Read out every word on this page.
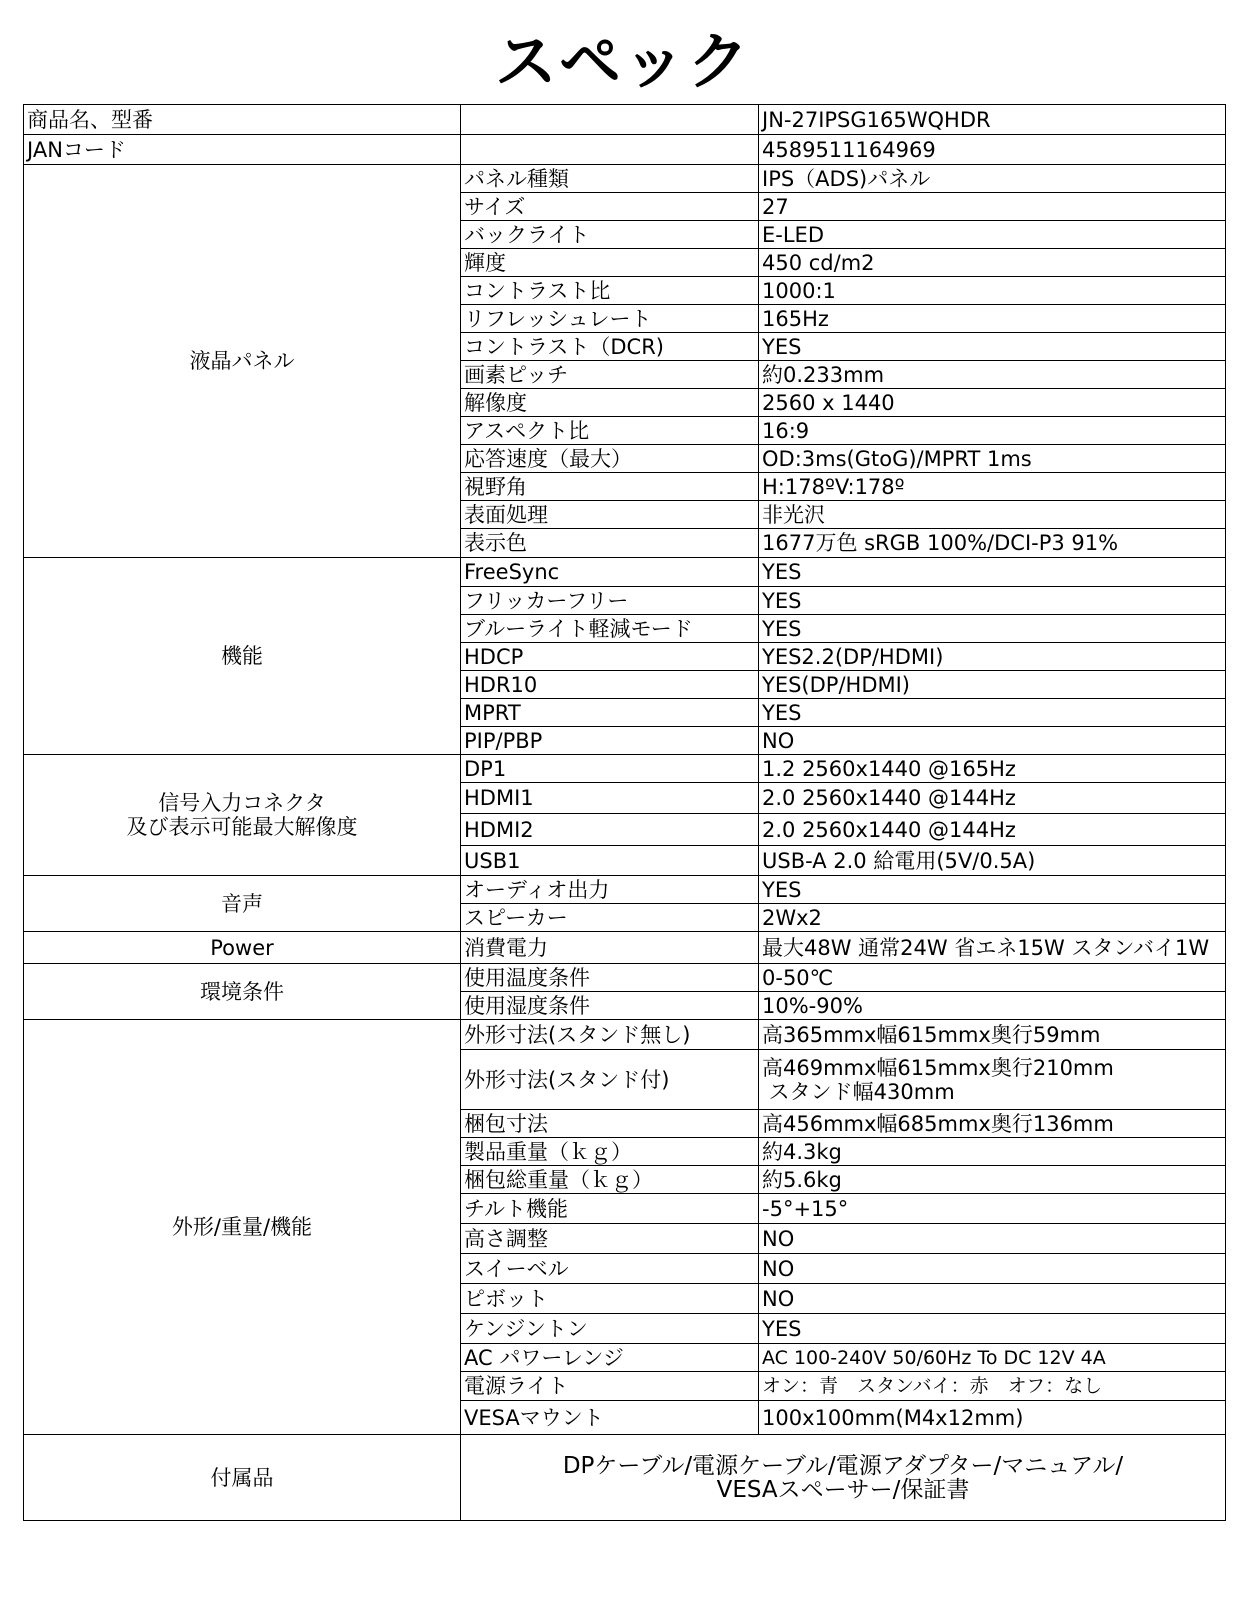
スペック
商品名、型番		JN-27IPSG165WQHDR
JANコード		4589511164969
液晶パネル	パネル種類	IPS（ADS)パネル
	サイズ	27
	バックライト	E-LED
	輝度	450 cd/m2
	コントラスト比	1000:1
	リフレッシュレート	165Hz
	コントラスト（DCR)	YES
	画素ピッチ	約0.233mm
	解像度	2560 x 1440
	アスペクト比	16:9
	応答速度（最大）	OD:3ms(GtoG)/MPRT 1ms
	視野角	H:178ºV:178º
	表面処理	非光沢
	表示色	1677万色 sRGB 100%/DCI-P3 91%
機能	FreeSync	YES
	フリッカーフリー	YES
	ブルーライト軽減モード	YES
	HDCP	YES2.2(DP/HDMI)
	HDR10	YES(DP/HDMI)
	MPRT	YES
	PIP/PBP	NO

信号入力コネクタ
及び表示可能最大解像度	DP1	1.2 2560x1440 @165Hz
	HDMI1	2.0 2560x1440 @144Hz
	HDMI2	2.0 2560x1440 @144Hz
	USB1	USB-A 2.0 給電用(5V/0.5A)
音声	オーディオ出力	YES
	スピーカー	2Wx2
Power	消費電力	最大48W 通常24W 省エネ15W スタンバイ1W
環境条件	使用温度条件	0-50℃
	使用湿度条件	10%-90%
外形/重量/機能	外形寸法(スタンド無し)	高365mmx幅615mmx奥行59mm
	外形寸法(スタンド付)	高469mmx幅615mmx奥行210mm
スタンド幅430mm

	梱包寸法	高456mmx幅685mmx奥行136mm
	製品重量（ｋｇ）	約4.3kg
	梱包総重量（ｋｇ）	約5.6kg
	チルト機能	-5°+15°
	高さ調整	NO
	スイーベル	NO
	ピボット	NO
	ケンジントン	YES
	AC パワーレンジ	AC 100-240V 50/60Hz To DC 12V 4A
	電源ライト	オン：青　スタンバイ：赤　オフ：なし
	VESAマウント	100x100mm(M4x12mm)
付属品	DPケーブル/電源ケーブル/電源アダプター/マニュアル/
VESAスペーサー/保証書	
